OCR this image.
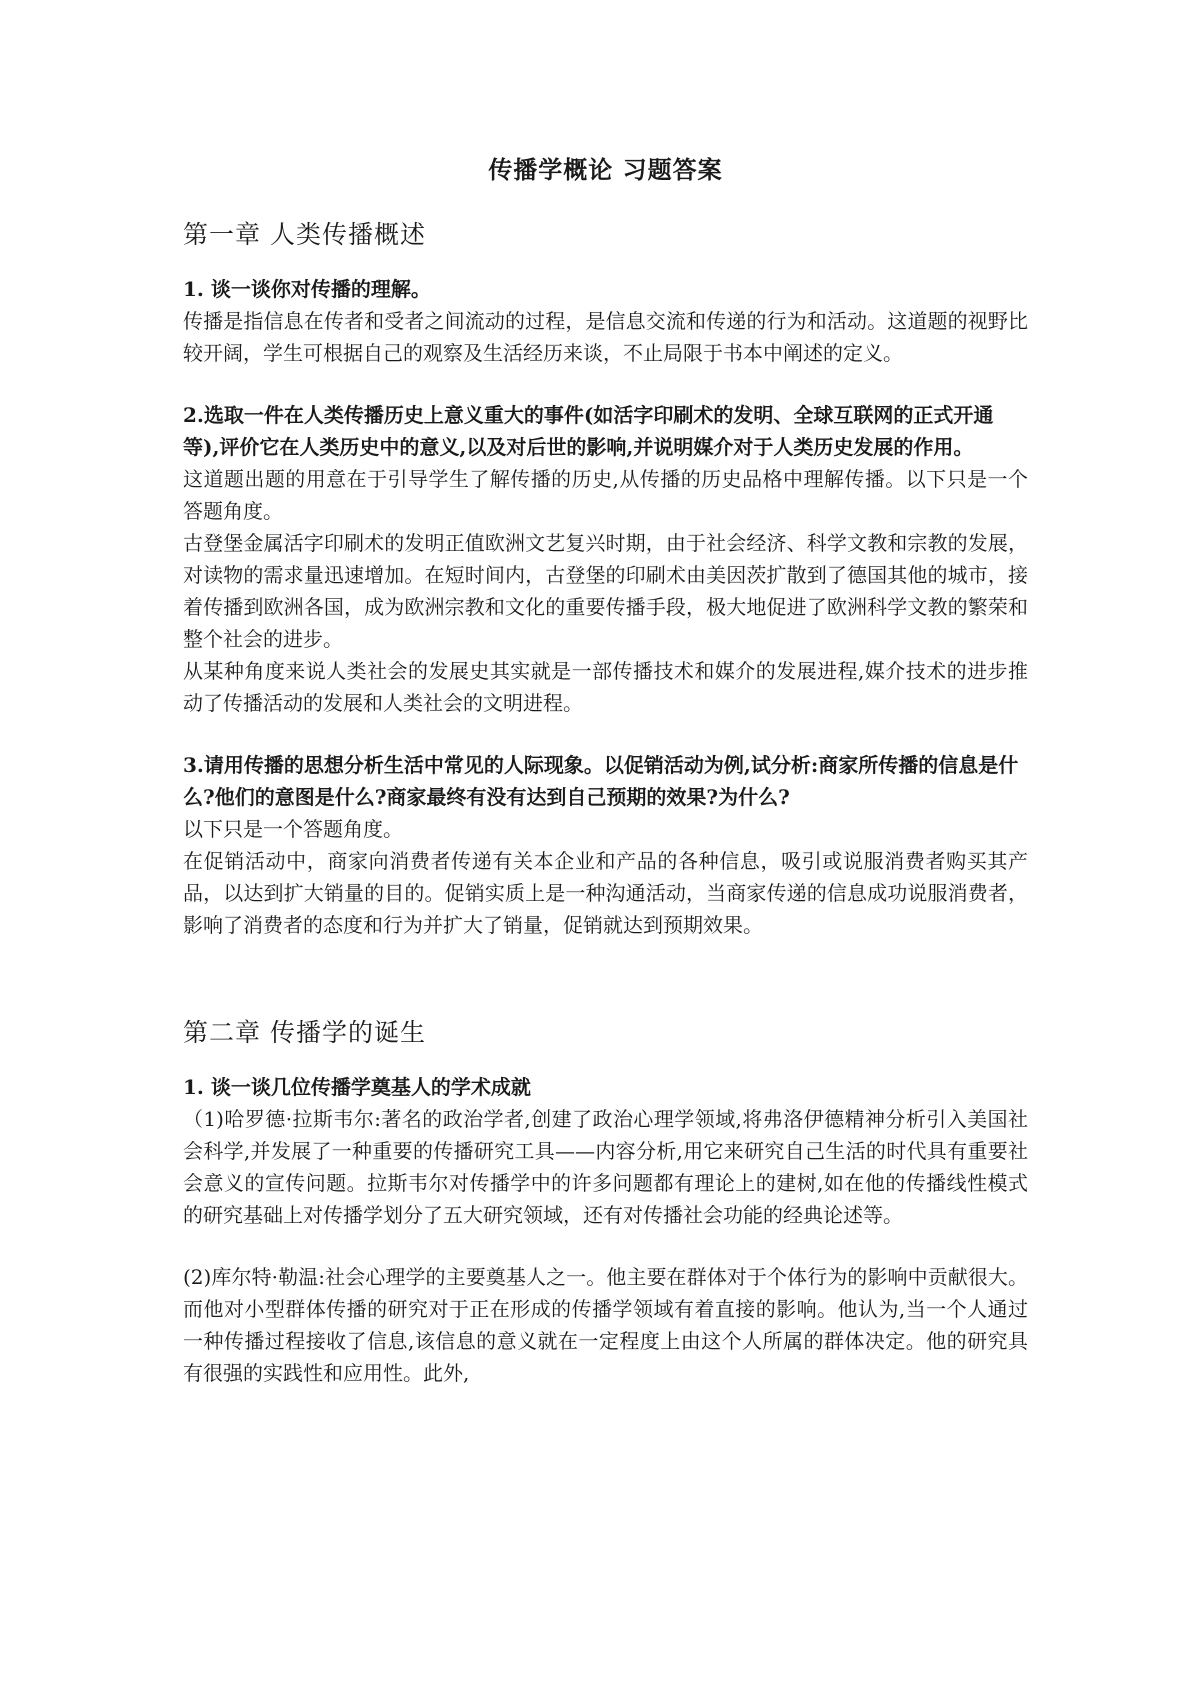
传播学概论 习题答案
第一章 人类传播概述

1. 谈一谈你对传播的理解。

传播是指信息在传者和受者之间流动的过程，是信息交流和传递的行为和活动。这道题的视野比较开阔，学生可根据自己的观察及生活经历来谈，不止局限于书本中阐述的定义。

2.选取一件在人类传播历史上意义重大的事件(如活字印刷术的发明、全球互联网的正式开通等),评价它在人类历史中的意义,以及对后世的影响,并说明媒介对于人类历史发展的作用。

这道题出题的用意在于引导学生了解传播的历史,从传播的历史品格中理解传播。以下只是一个答题角度。

古登堡金属活字印刷术的发明正值欧洲文艺复兴时期，由于社会经济、科学文教和宗教的发展，对读物的需求量迅速增加。在短时间内，古登堡的印刷术由美因茨扩散到了德国其他的城市，接着传播到欧洲各国，成为欧洲宗教和文化的重要传播手段，极大地促进了欧洲科学文教的繁荣和整个社会的进步。

从某种角度来说人类社会的发展史其实就是一部传播技术和媒介的发展进程,媒介技术的进步推动了传播活动的发展和人类社会的文明进程。

3.请用传播的思想分析生活中常见的人际现象。以促销活动为例,试分析:商家所传播的信息是什么?他们的意图是什么?商家最终有没有达到自己预期的效果?为什么?

以下只是一个答题角度。

在促销活动中，商家向消费者传递有关本企业和产品的各种信息，吸引或说服消费者购买其产品，以达到扩大销量的目的。促销实质上是一种沟通活动，当商家传递的信息成功说服消费者，影响了消费者的态度和行为并扩大了销量，促销就达到预期效果。

第二章 传播学的诞生

1. 谈一谈几位传播学奠基人的学术成就

（1)哈罗德·拉斯韦尔:著名的政治学者,创建了政治心理学领域,将弗洛伊德精神分析引入美国社会科学,并发展了一种重要的传播研究工具——内容分析,用它来研究自己生活的时代具有重要社会意义的宣传问题。拉斯韦尔对传播学中的许多问题都有理论上的建树,如在他的传播线性模式的研究基础上对传播学划分了五大研究领域，还有对传播社会功能的经典论述等。

(2)库尔特·勒温:社会心理学的主要奠基人之一。他主要在群体对于个体行为的影响中贡献很大。而他对小型群体传播的研究对于正在形成的传播学领域有着直接的影响。他认为,当一个人通过一种传播过程接收了信息,该信息的意义就在一定程度上由这个人所属的群体决定。他的研究具有很强的实践性和应用性。此外,
